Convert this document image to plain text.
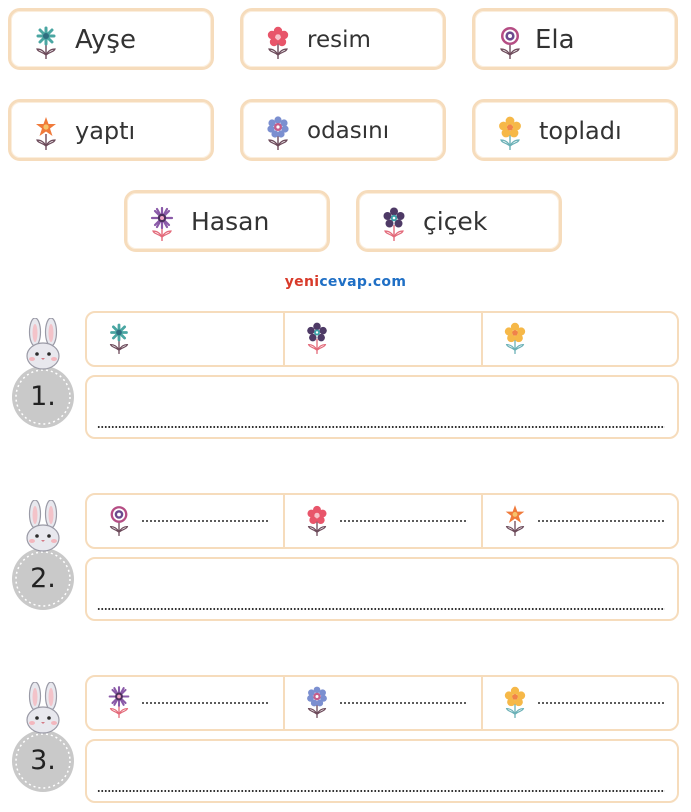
Ayşe	resim	Ela
yaptı	odasını	topladı
Hasan	çiçek
yenicevap.com
1.
2.
3.
